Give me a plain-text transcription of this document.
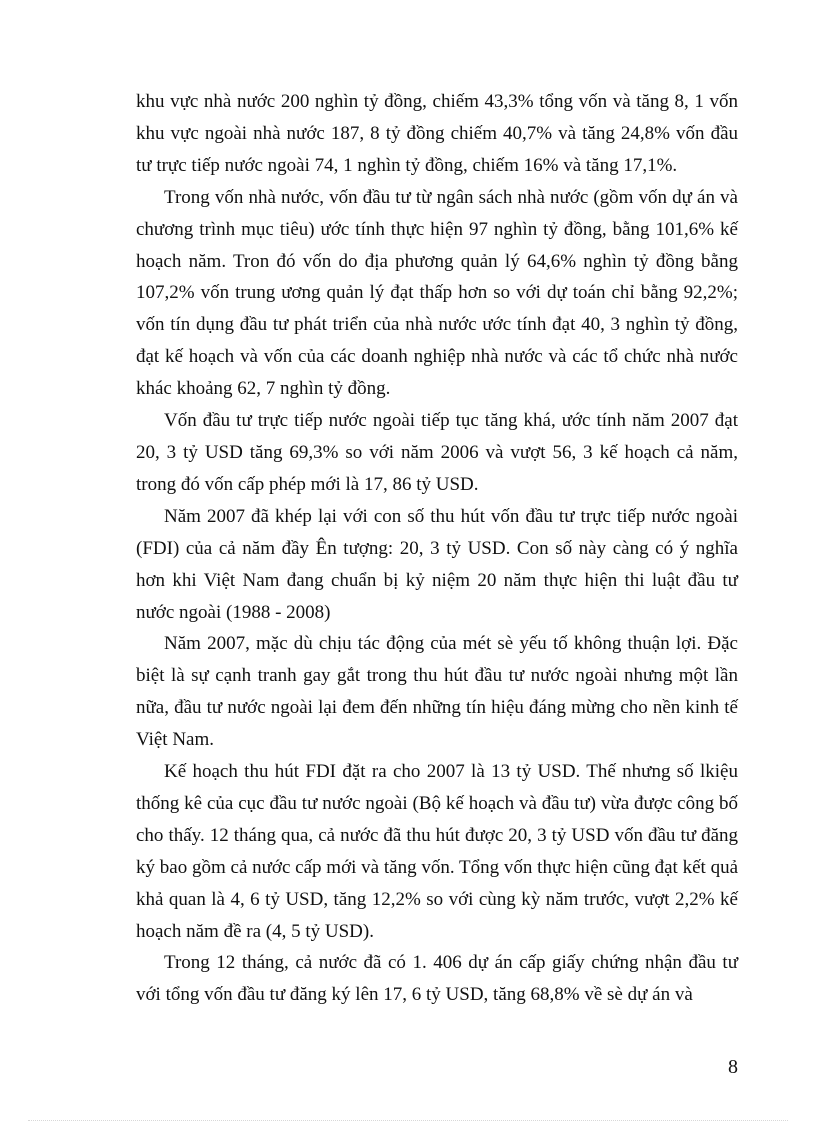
khu vực nhà nước 200 nghìn tỷ đồng, chiếm 43,3% tổng vốn và tăng 8, 1 vốn khu vực ngoài nhà nước 187, 8 tỷ đồng chiếm 40,7% và tăng 24,8% vốn đầu tư trực tiếp nước ngoài 74, 1 nghìn tỷ đồng, chiếm 16% và tăng 17,1%.

Trong vốn nhà nước, vốn đầu tư từ ngân sách nhà nước (gồm vốn dự án và chương trình mục tiêu) ước tính thực hiện 97 nghìn tỷ đồng, bằng 101,6% kế hoạch năm. Tron đó vốn do địa phương quản lý 64,6% nghìn tỷ đồng bằng 107,2% vốn trung ương quản lý đạt thấp hơn so với dự toán chỉ bằng 92,2%; vốn tín dụng đầu tư phát triển của nhà nước ước tính đạt 40, 3 nghìn tỷ đồng, đạt kế hoạch và vốn của các doanh nghiệp nhà nước và các tổ chức nhà nước khác khoảng 62, 7 nghìn tỷ đồng.

Vốn đầu tư trực tiếp nước ngoài tiếp tục tăng khá, ước tính năm 2007 đạt 20, 3 tỷ USD tăng 69,3% so với năm 2006 và vượt 56, 3 kế hoạch cả năm, trong đó vốn cấp phép mới là 17, 86 tỷ USD.

Năm 2007 đã khép lại với con số thu hút vốn đầu tư trực tiếp nước ngoài (FDI) của cả năm đầy Ên tượng: 20, 3 tỷ USD. Con số này càng có ý nghĩa hơn khi Việt Nam đang chuẩn bị kỷ niệm 20 năm thực hiện thi luật đầu tư nước ngoài (1988 - 2008)

Năm 2007, mặc dù chịu tác động của mét sè yếu tố không thuận lợi. Đặc biệt là sự cạnh tranh gay gắt trong thu hút đầu tư nước ngoài nhưng một lần nữa, đầu tư nước ngoài lại đem đến những tín hiệu đáng mừng cho nền kinh tế Việt Nam.

Kế hoạch thu hút FDI đặt ra cho 2007 là 13 tỷ USD. Thế nhưng số lkiệu thống kê của cục đầu tư nước ngoài (Bộ kế hoạch và đầu tư) vừa được công bố cho thấy. 12 tháng qua, cả nước đã thu hút được 20, 3 tỷ USD vốn đầu tư đăng ký bao gồm cả nước cấp mới và tăng vốn. Tổng vốn thực hiện cũng đạt kết quả khả quan là 4, 6 tỷ USD, tăng 12,2% so với cùng kỳ năm trước, vượt 2,2% kế hoạch năm đề ra (4, 5 tỷ USD).

Trong 12 tháng, cả nước đã có 1. 406 dự án cấp giấy chứng nhận đầu tư với tổng vốn đầu tư đăng ký lên 17, 6 tỷ USD, tăng 68,8% về sè dự án và

8
